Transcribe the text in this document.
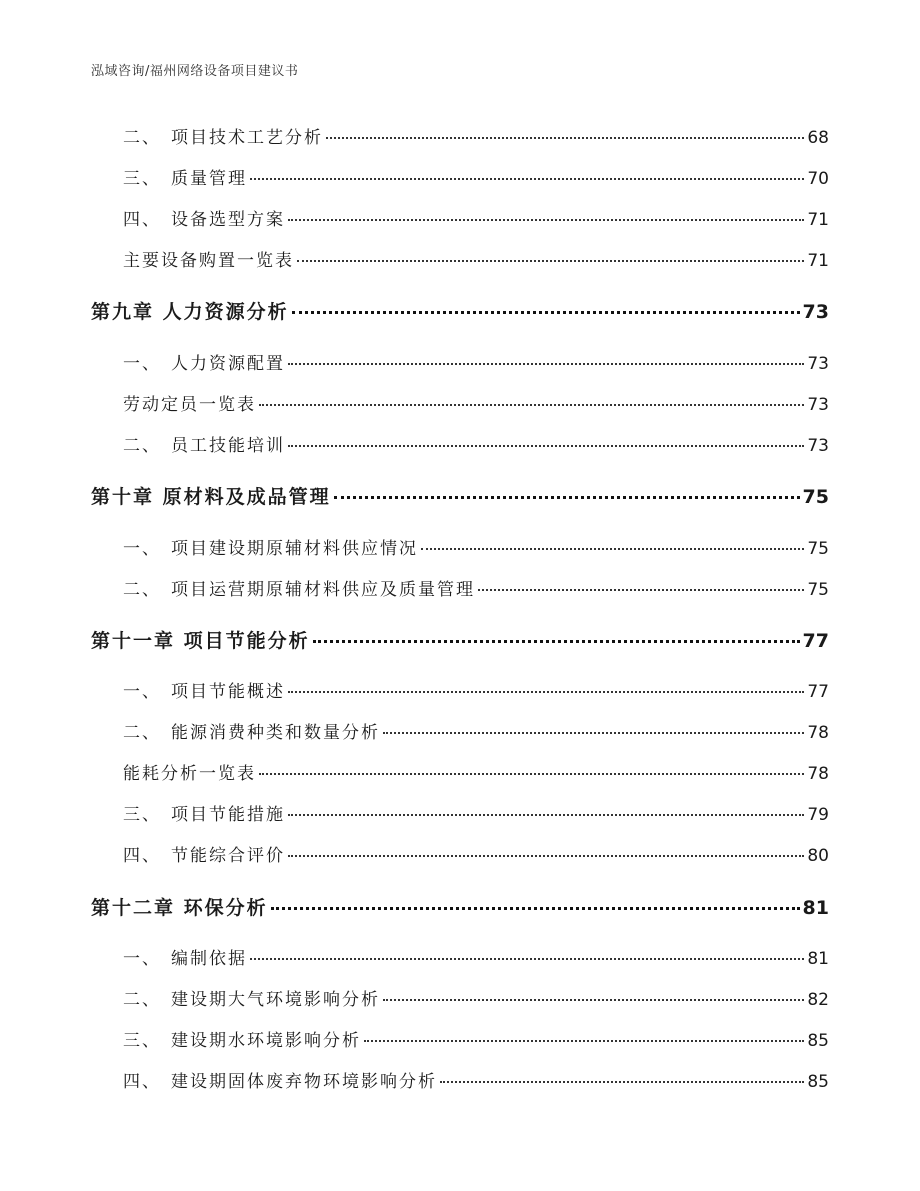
泓域咨询/福州网络设备项目建议书
二、 项目技术工艺分析	68
三、 质量管理	70
四、 设备选型方案	71
主要设备购置一览表	71
第九章 人力资源分析	73
一、 人力资源配置	73
劳动定员一览表	73
二、 员工技能培训	73
第十章 原材料及成品管理	75
一、 项目建设期原辅材料供应情况	75
二、 项目运营期原辅材料供应及质量管理	75
第十一章 项目节能分析	77
一、 项目节能概述	77
二、 能源消费种类和数量分析	78
能耗分析一览表	78
三、 项目节能措施	79
四、 节能综合评价	80
第十二章 环保分析	81
一、 编制依据	81
二、 建设期大气环境影响分析	82
三、 建设期水环境影响分析	85
四、 建设期固体废弃物环境影响分析	85
